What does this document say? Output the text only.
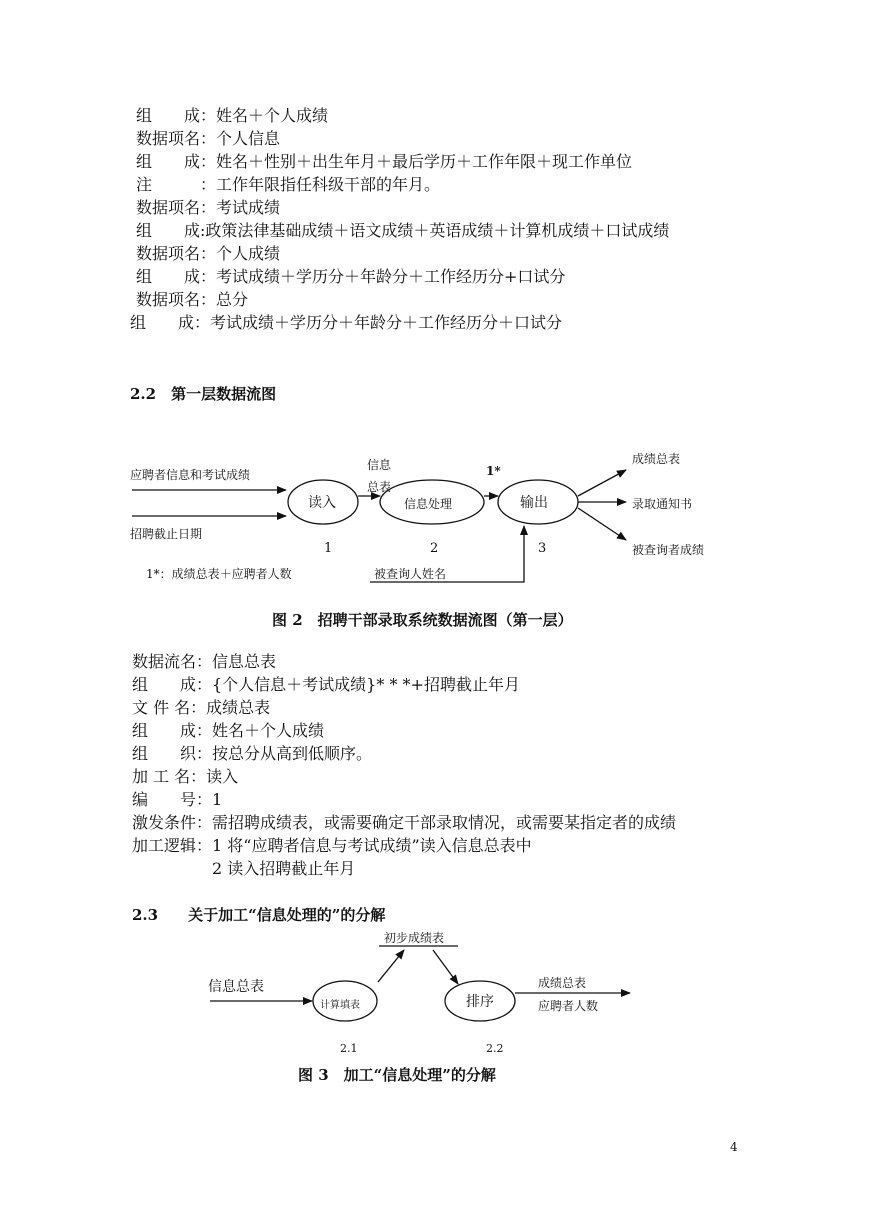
组　　成：姓名＋个人成绩
数据项名：个人信息
组　　成：姓名＋性别＋出生年月＋最后学历＋工作年限＋现工作单位
注　　　：工作年限指任科级干部的年月。
数据项名：考试成绩
组　　成:政策法律基础成绩＋语文成绩＋英语成绩＋计算机成绩＋口试成绩
数据项名：个人成绩
组　　成：考试成绩＋学历分＋年龄分＋工作经历分+口试分
数据项名：总分
组　　成：考试成绩＋学历分＋年龄分＋工作经历分＋口试分
2.2　第一层数据流图
应聘者信息和考试成绩
招聘截止日期
信息
总表
1*
读入	信息处理	输出
1	2	3
成绩总表
录取通知书
被查询者成绩
被查询人姓名
1*：成绩总表＋应聘者人数
图 2　招聘干部录取系统数据流图（第一层）
数据流名：信息总表
组　　成：{个人信息＋考试成绩}* * *+招聘截止年月
文 件 名：成绩总表
组　　成：姓名＋个人成绩
组　　织：按总分从高到低顺序。
加 工 名：读入
编　　号：1
激发条件：需招聘成绩表，或需要确定干部录取情况，或需要某指定者的成绩
加工逻辑：1 将“应聘者信息与考试成绩”读入信息总表中
　　　　　2 读入招聘截止年月
2.3　　关于加工“信息处理的”的分解
初步成绩表
信息总表
计算填表	排序
成绩总表
应聘者人数
2.1	2.2
图 3　加工“信息处理”的分解
4
